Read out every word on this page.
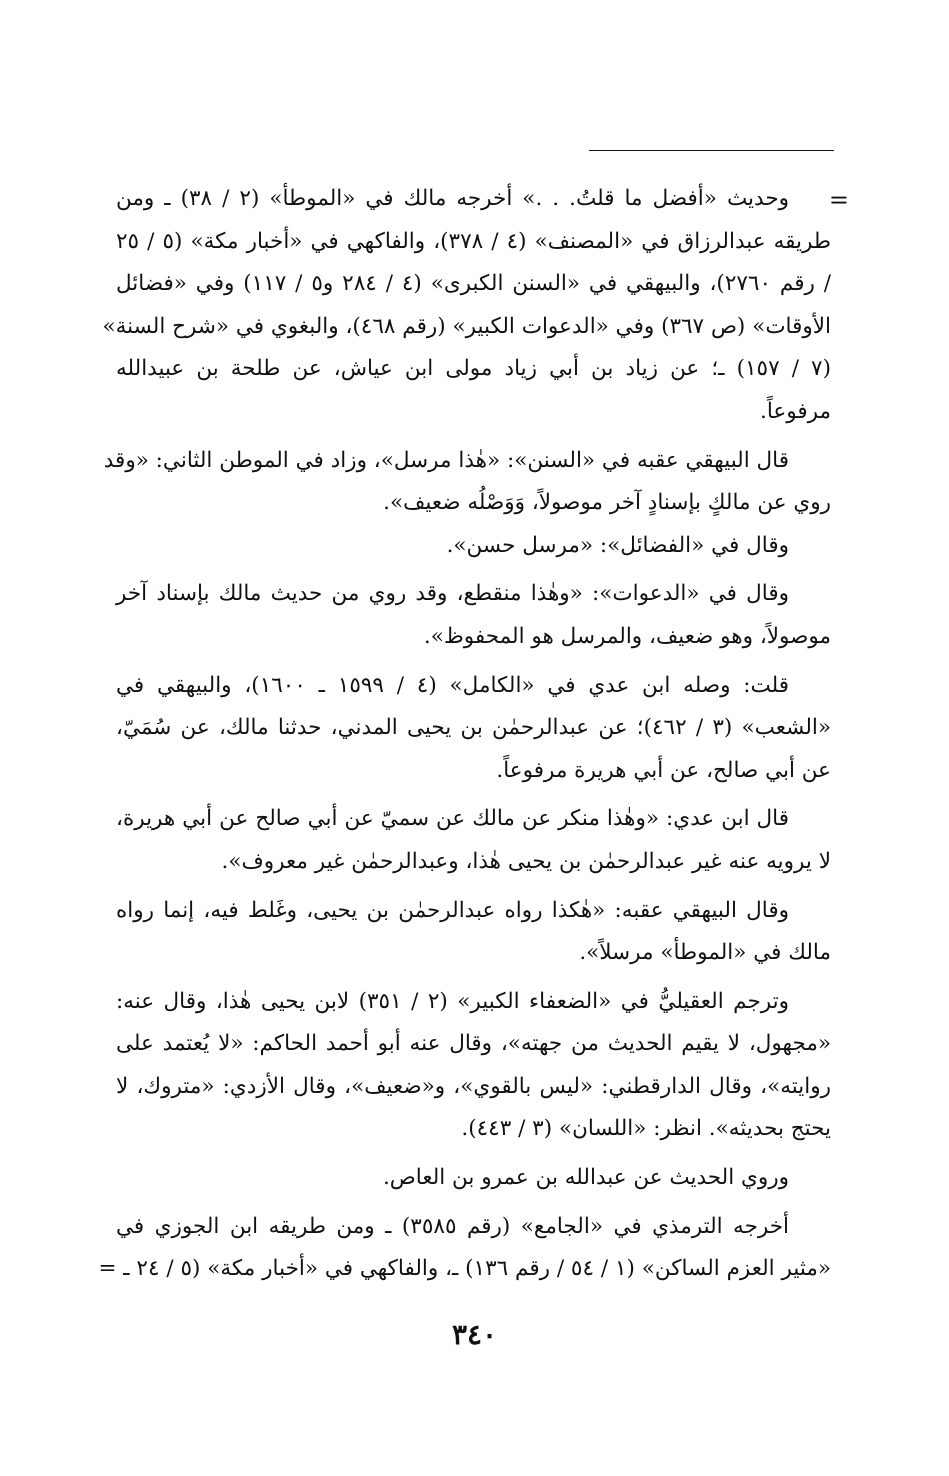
=
وحديث «أفضل ما قلتُ. . .» أخرجه مالك في «الموطأ» (٢ / ٣٨) ـ ومن
طريقه عبدالرزاق في «المصنف» (٤ / ٣٧٨)، والفاكهي في «أخبار مكة» (٥ / ٢٥
/ رقم ٢٧٦٠)، والبيهقي في «السنن الكبرى» (٤ / ٢٨٤ و٥ / ١١٧) وفي «فضائل
الأوقات» (ص ٣٦٧) وفي «الدعوات الكبير» (رقم ٤٦٨)، والبغوي في «شرح السنة»
(٧ / ١٥٧) ـ؛ عن زياد بن أبي زياد مولى ابن عياش، عن طلحة بن عبيدالله
مرفوعاً.
قال البيهقي عقبه في «السنن»: «هٰذا مرسل»، وزاد في الموطن الثاني: «وقد
روي عن مالكٍ بإسنادٍ آخر موصولاً، وَوَصْلُه ضعيف».
وقال في «الفضائل»: «مرسل حسن».
وقال في «الدعوات»: «وهٰذا منقطع، وقد روي من حديث مالك بإسناد آخر
موصولاً، وهو ضعيف، والمرسل هو المحفوظ».
قلت: وصله ابن عدي في «الكامل» (٤ / ١٥٩٩ ـ ١٦٠٠)، والبيهقي في
«الشعب» (٣ / ٤٦٢)؛ عن عبدالرحمٰن بن يحيى المدني، حدثنا مالك، عن سُمَيّ،
عن أبي صالح، عن أبي هريرة مرفوعاً.
قال ابن عدي: «وهٰذا منكر عن مالك عن سميّ عن أبي صالح عن أبي هريرة،
لا يرويه عنه غير عبدالرحمٰن بن يحيى هٰذا، وعبدالرحمٰن غير معروف».
وقال البيهقي عقبه: «هٰكذا رواه عبدالرحمٰن بن يحيى، وغَلط فيه، إنما رواه
مالك في «الموطأ» مرسلاً».
وترجم العقيليُّ في «الضعفاء الكبير» (٢ / ٣٥١) لابن يحيى هٰذا، وقال عنه:
«مجهول، لا يقيم الحديث من جهته»، وقال عنه أبو أحمد الحاكم: «لا يُعتمد على
روايته»، وقال الدارقطني: «ليس بالقوي»، و«ضعيف»، وقال الأزدي: «متروك، لا
يحتج بحديثه». انظر: «اللسان» (٣ / ٤٤٣).
وروي الحديث عن عبدالله بن عمرو بن العاص.
أخرجه الترمذي في «الجامع» (رقم ٣٥٨٥) ـ ومن طريقه ابن الجوزي في
«مثير العزم الساكن» (١ / ٥٤ / رقم ١٣٦) ـ، والفاكهي في «أخبار مكة» (٥ / ٢٤ ـ =
٣٤٠
